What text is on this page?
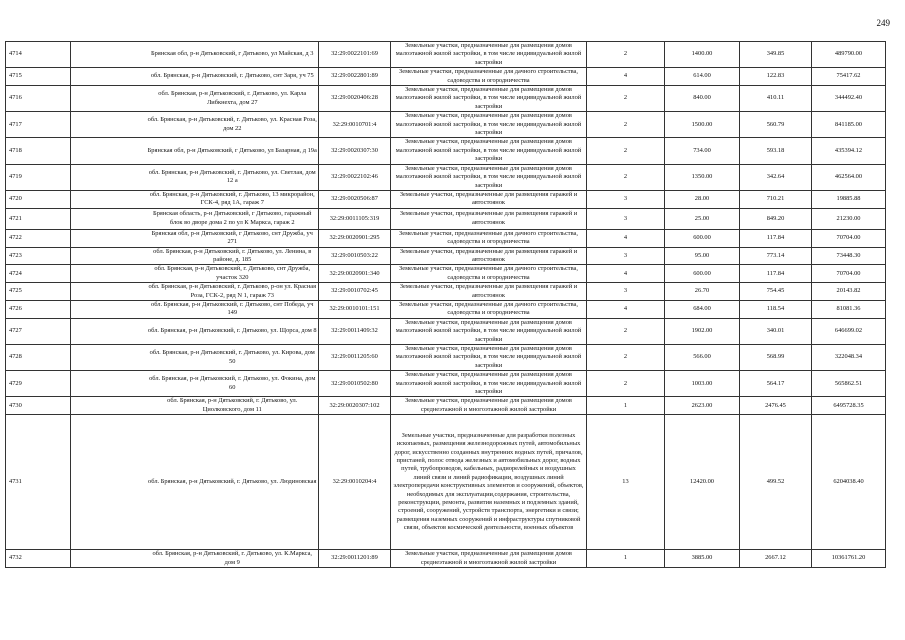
249
4714		Брянская обл, р-н Дятьковский, г Дятьково, ул Майская, д 3	32:29:0022101:69	Земельные участки, предназначенные для размещения домов малоэтажной жилой застройки, в том числе индивидуальной жилой застройки	2	1400.00	349.85	489790.00
4715		обл. Брянская, р-н Дятьковский, г. Дятьково, снт Заря, уч 75	32:29:0022801:89	Земельные участки, предназначенные для дачного строительства, садоводства и огородничества	4	614.00	122.83	75417.62
4716		обл. Брянская, р-н Дятьковский, г. Дятьково, ул. Карла Либкнехта, дом 27	32:29:0020406:28	Земельные участки, предназначенные для размещения домов малоэтажной жилой застройки, в том числе индивидуальной жилой застройки	2	840.00	410.11	344492.40
4717		обл. Брянская, р-н Дятьковский, г. Дятьково, ул. Красная Роза, дом 22	32:29:0010701:4	Земельные участки, предназначенные для размещения домов малоэтажной жилой застройки, в том числе индивидуальной жилой застройки	2	1500.00	560.79	841185.00
4718		Брянская обл, р-н Дятьковский, г Дятьково, ул Базарная, д 19а	32:29:0020307:30	Земельные участки, предназначенные для размещения домов малоэтажной жилой застройки, в том числе индивидуальной жилой застройки	2	734.00	593.18	435394.12
4719		обл. Брянская, р-н Дятьковский, г. Дятьково, ул. Светлая, дом 12 а	32:29:0022102:46	Земельные участки, предназначенные для размещения домов малоэтажной жилой застройки, в том числе индивидуальной жилой застройки	2	1350.00	342.64	462564.00
4720		обл. Брянская, р-н Дятьковский, г. Дятьково, 13 микрорайон, ГСК-4, ряд 1А, гараж 7	32:29:0020506:87	Земельные участки, предназначенные для размещения гаражей и автостоянок	3	28.00	710.21	19885.88
4721		Брянская область, р-н Дятьковский, г Дятьково, гаражный блок во дворе дома 2 по ул К Маркса, гараж 2	32:29:0011105:319	Земельные участки, предназначенные для размещения гаражей и автостоянок	3	25.00	849.20	21230.00
4722		Брянская обл, р-н Дятьковский, г Дятьково, снт Дружба, уч 271	32:29:0020901:295	Земельные участки, предназначенные для дачного строительства, садоводства и огородничества	4	600.00	117.84	70704.00
4723		обл. Брянская, р-н Дятьковский, г. Дятьково, ул. Ленина, в районе, д. 185	32:29:0010503:22	Земельные участки, предназначенные для размещения гаражей и автостоянок	3	95.00	773.14	73448.30
4724		обл. Брянская, р-н Дятьковский, г. Дятьково, снт Дружба, участок 320	32:29:0020901:340	Земельные участки, предназначенные для дачного строительства, садоводства и огородничества	4	600.00	117.84	70704.00
4725		обл. Брянская, р-н Дятьковский, г. Дятьково, р-он ул. Красная Роза, ГСК-2, ряд N 1, гараж 73	32:29:0010702:45	Земельные участки, предназначенные для размещения гаражей и автостоянок	3	26.70	754.45	20143.82
4726		обл. Брянская, р-н Дятьковский, г. Дятьково, снт Победа, уч 149	32:29:0010101:151	Земельные участки, предназначенные для дачного строительства, садоводства и огородничества	4	684.00	118.54	81081.36
4727		обл. Брянская, р-н Дятьковский, г. Дятьково, ул. Щорса, дом 8	32:29:0011409:32	Земельные участки, предназначенные для размещения домов малоэтажной жилой застройки, в том числе индивидуальной жилой застройки	2	1902.00	340.01	646699.02
4728		обл. Брянская, р-н Дятьковский, г. Дятьково, ул. Кирова, дом 50	32:29:0011205:60	Земельные участки, предназначенные для размещения домов малоэтажной жилой застройки, в том числе индивидуальной жилой застройки	2	566.00	568.99	322048.34
4729		обл. Брянская, р-н Дятьковский, г. Дятьково, ул. Фокина, дом 60	32:29:0010502:80	Земельные участки, предназначенные для размещения домов малоэтажной жилой застройки, в том числе индивидуальной жилой застройки	2	1003.00	564.17	565862.51
4730		обл. Брянская, р-н Дятьковский, г. Дятьково, ул. Циолковского, дом 11	32:29:0020307:102	Земельные участки, предназначенные для размещения домов среднеэтажной и многоэтажной жилой застройки	1	2623.00	2476.45	6495728.35
4731		обл. Брянская, р-н Дятьковский, г. Дятьково, ул. Людиновская	32:29:0010204:4	Земельные участки, предназначенные для разработки полезных ископаемых, размещения железнодорожных путей, автомобильных дорог, искусственно созданных внутренних водных путей, причалов, пристаней, полос отвода железных и автомобильных дорог, водных путей, трубопроводов, кабельных, радиорелейных и воздушных линий связи и линий радиофикации, воздушных линий электропередачи конструктивных элементов и сооружений, объектов, необходимых для эксплуатации,содержания, строительства, реконструкции, ремонта, развития наземных и подземных зданий, строений, сооружений, устройств транспорта, энергетики и связи; размещения наземных сооружений и инфраструктуры спутниковой связи, объектов космической деятельности, военных объектов	13	12420.00	499.52	6204038.40
4732		обл. Брянская, р-н Дятьковский, г. Дятьково, ул. К.Маркса, дом 9	32:29:0011201:89	Земельные участки, предназначенные для размещения домов среднеэтажной и многоэтажной жилой застройки	1	3885.00	2667.12	10361761.20
